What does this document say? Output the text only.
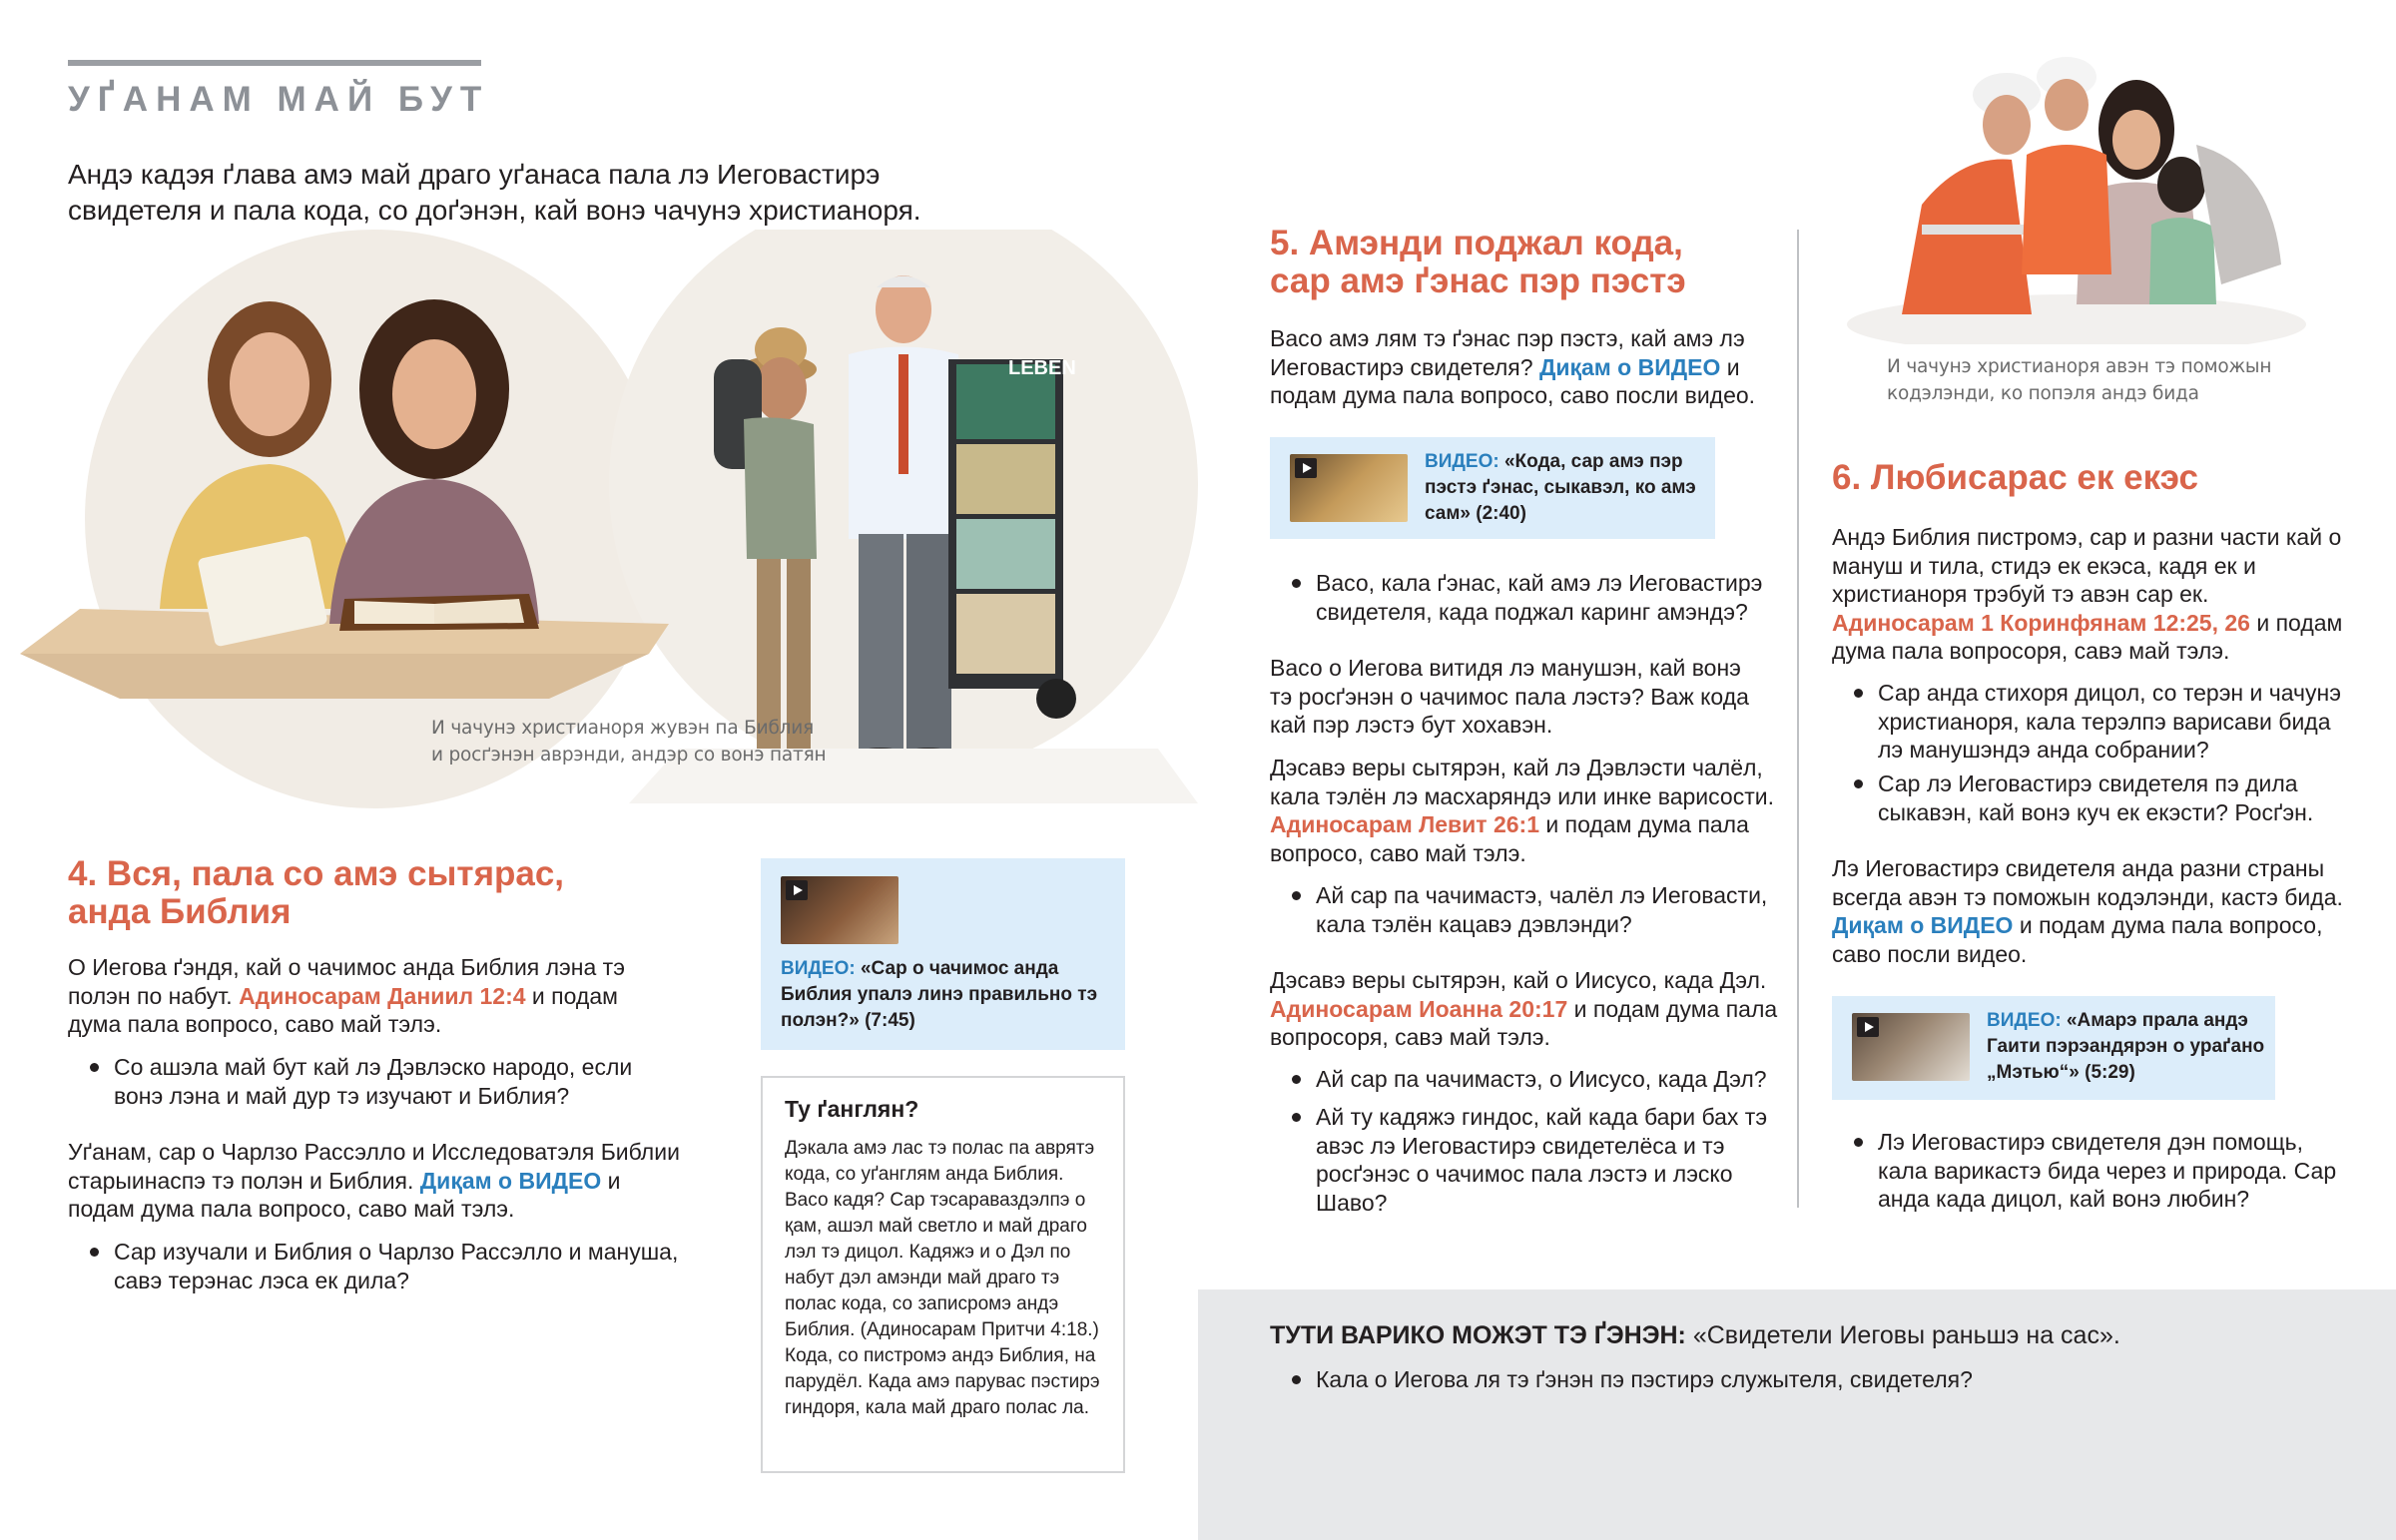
УҐАНАМ МАЙ БУТ
Андэ кадэя ґлава амэ май драго уґанаса пала лэ Иеговастирэ свидетеля и пала кода, со доґэнэн, кай вонэ чачунэ христианоря.
LEBEN
И чачунэ христианоря жувэн па Библия и росґэнэн аврэнди, андэр со вонэ патян
4. Вся, пала со амэ сытярас,
анда Библия
О Иегова ґэндя, кай о чачимос анда Библия лэна тэ полэн по набут. Адиносарам Даниил 12:4 и подам дума пала вопросо, саво май тэлэ.
Со ашэла май бут кай лэ Дэвлэско народо, если вонэ лэна и май дур тэ изучают и Библия?
Уґанам, сар о Чарлзо Рассэлло и Исследоватэля Библии старыинаспэ тэ полэн и Библия. Диқам о ВИДЕО и подам дума пала вопросо, саво май тэлэ.
Сар изучали и Библия о Чарлзо Рассэлло и мануша, савэ терэнас лэса ек дила?
ВИДЕО: «Сар о чачимос анда Библия упалэ линэ правильно тэ полэн?» (7:45)
Ту ґанглян?
Дэкала амэ лас тэ полас па аврятэ кода, со уґанглям анда Библия. Васо кадя? Сар тэсараваздэлпэ о қам, ашэл май светло и май драго лэл тэ дицол. Кадяжэ и о Дэл по набут дэл амэнди май драго тэ полас кода, со записромэ андэ Библия. (Адиносарам Притчи 4:18.) Кода, со пистромэ андэ Библия, на парудёл. Када амэ парувас пэстирэ гиндоря, кала май драго полас ла.
5. Амэнди поджал кода,
сар амэ ґэнас пэр пэстэ
Васо амэ лям тэ ґэнас пэр пэстэ, кай амэ лэ Иеговастирэ свидетеля? Диқам о ВИДЕО и подам дума пала вопросо, саво посли видео.
ВИДЕО: «Кода, сар амэ пэр пэстэ ґэнас, сыкавэл, ко амэ сам» (2:40)
Васо, кала ґэнас, кай амэ лэ Иеговастирэ свидетеля, када поджал каринг амэндэ?
Васо о Иегова витидя лэ манушэн, кай вонэ тэ росґэнэн о чачимос пала лэстэ? Важ кода кай пэр лэстэ бут хохавэн.
Дэсавэ веры сытярэн, кай лэ Дэвлэсти чалёл, кала тэлён лэ масхаряндэ или инке варисости. Адиносарам Левит 26:1 и подам дума пала вопросо, саво май тэлэ.
Ай сар па чачимастэ, чалёл лэ Иеговасти, кала тэлён кацавэ дэвлэнди?
Дэсавэ веры сытярэн, кай о Иисусо, када Дэл. Адиносарам Иоанна 20:17 и подам дума пала вопросоря, савэ май тэлэ.
Ай сар па чачимастэ, о Иисусо, када Дэл?
Ай ту кадяжэ гиндос, кай када бари бах тэ авэс лэ Иеговастирэ свидетелёса и тэ росґэнэс о чачимос пала лэстэ и лэско Шаво?
И чачунэ христианоря авэн тэ поможын кодэлэнди, ко попэля андэ бида
6. Любисарас ек екэс
Андэ Библия пистромэ, сар и разни части кай о мануш и тила, стидэ ек екэса, кадя ек и христианоря трэбуй тэ авэн сар ек. Адиносарам 1 Коринфянам 12:25, 26 и подам дума пала вопросоря, савэ май тэлэ.
Сар анда стихоря дицол, со терэн и чачунэ христианоря, кала терэлпэ варисави бида лэ манушэндэ анда собрании?
Сар лэ Иеговастирэ свидетеля пэ дила сыкавэн, кай вонэ куч ек екэсти? Росґэн.
Лэ Иеговастирэ свидетеля анда разни страны всегда авэн тэ поможын кодэлэнди, кастэ бида. Диқам о ВИДЕО и подам дума пала вопросо, саво посли видео.
ВИДЕО: «Амарэ прала андэ Гаити пэрэандярэн о ураґано „Мэтью“» (5:29)
Лэ Иеговастирэ свидетеля дэн помощь, кала варикастэ бида через и природа. Сар анда када дицол, кай вонэ любин?
ТУТИ ВАРИКО МОЖЭТ ТЭ ҐЭНЭН: «Свидетели Иеговы раньшэ на сас».
Кала о Иегова ля тэ ґэнэн пэ пэстирэ служытеля, свидетеля?
